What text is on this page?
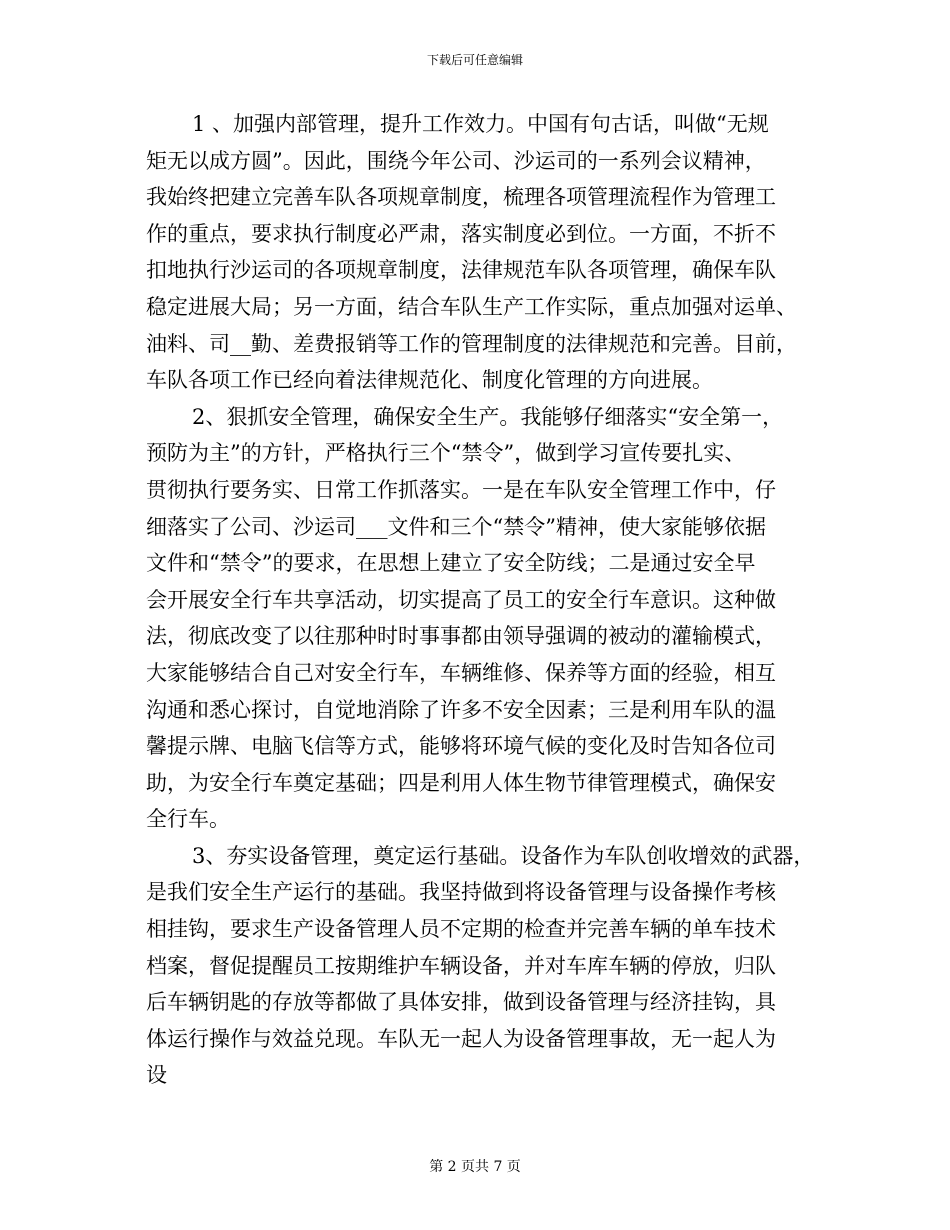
下载后可任意编辑
1 、加强内部管理，提升工作效力。中国有句古话，叫做“无规
矩无以成方圆”。因此，围绕今年公司、沙运司的一系列会议精神，
我始终把建立完善车队各项规章制度，梳理各项管理流程作为管理工
作的重点，要求执行制度必严肃，落实制度必到位。一方面，不折不
扣地执行沙运司的各项规章制度，法律规范车队各项管理，确保车队
稳定进展大局；另一方面，结合车队生产工作实际，重点加强对运单、
油料、司__勤、差费报销等工作的管理制度的法律规范和完善。目前，
车队各项工作已经向着法律规范化、制度化管理的方向进展。
2、狠抓安全管理，确保安全生产。我能够仔细落实“安全第一，
预防为主”的方针，严格执行三个“禁令”，做到学习宣传要扎实、
贯彻执行要务实、日常工作抓落实。一是在车队安全管理工作中，仔
细落实了公司、沙运司___文件和三个“禁令”精神，使大家能够依据
文件和“禁令”的要求，在思想上建立了安全防线；二是通过安全早
会开展安全行车共享活动，切实提高了员工的安全行车意识。这种做
法，彻底改变了以往那种时时事事都由领导强调的被动的灌输模式，
大家能够结合自己对安全行车，车辆维修、保养等方面的经验，相互
沟通和悉心探讨，自觉地消除了许多不安全因素；三是利用车队的温
馨提示牌、电脑飞信等方式，能够将环境气候的变化及时告知各位司
助，为安全行车奠定基础；四是利用人体生物节律管理模式，确保安
全行车。
3、夯实设备管理，奠定运行基础。设备作为车队创收增效的武器，
是我们安全生产运行的基础。我坚持做到将设备管理与设备操作考核
相挂钩，要求生产设备管理人员不定期的检查并完善车辆的单车技术
档案，督促提醒员工按期维护车辆设备，并对车库车辆的停放，归队
后车辆钥匙的存放等都做了具体安排，做到设备管理与经济挂钩，具
体运行操作与效益兑现。车队无一起人为设备管理事故，无一起人为
设
第 2 页共 7 页
